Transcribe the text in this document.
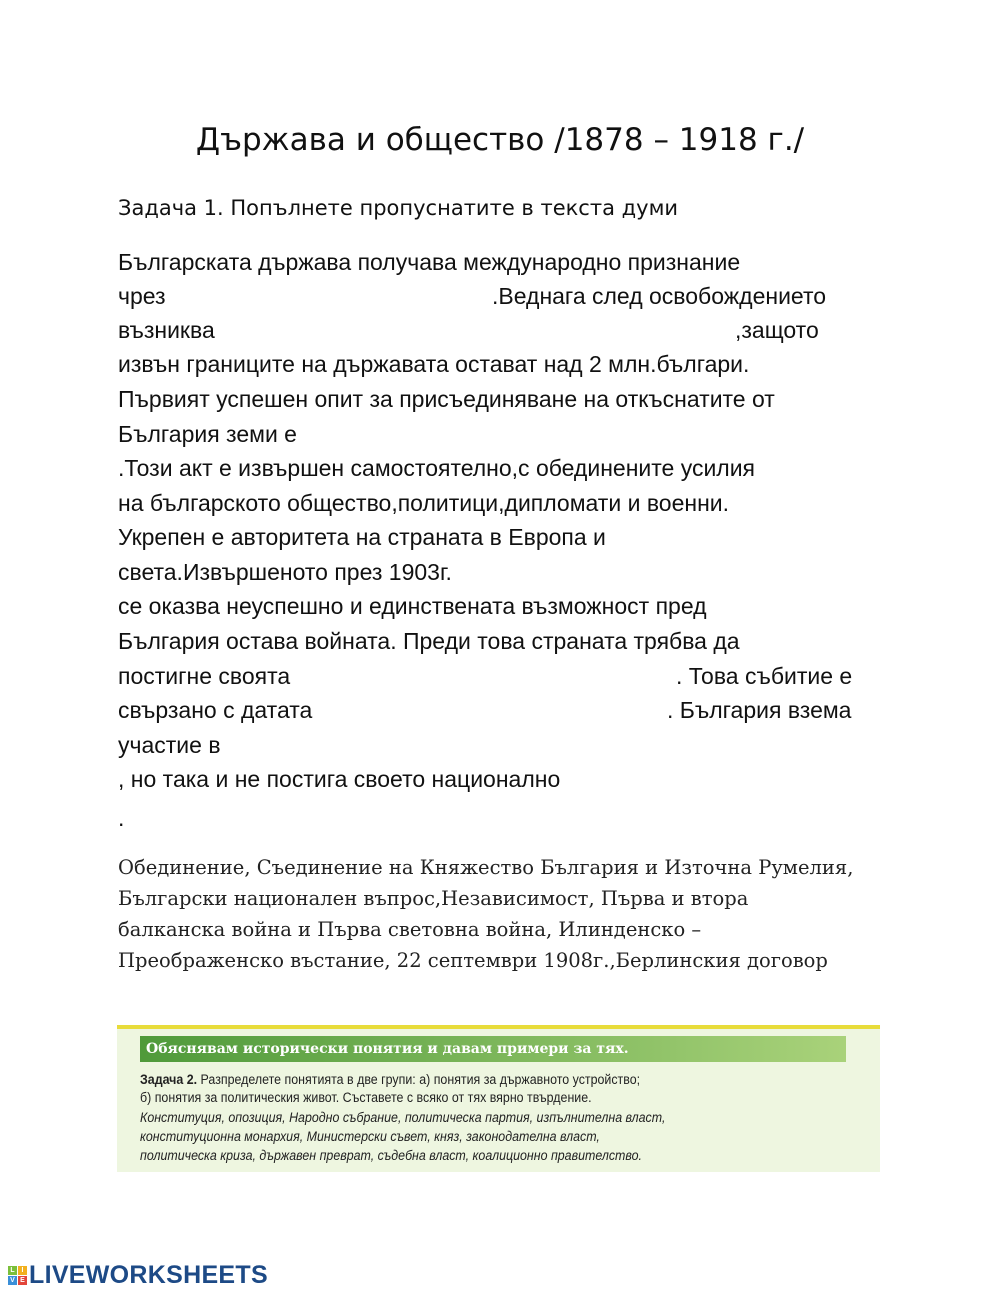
Държава и общество /1878 – 1918 г./
Задача 1. Попълнете пропуснатите в текста думи
Българската държава получава международно признание
чрез	.Веднага след освобождението
възниква	,защото
извън границите на държавата остават над 2 млн.българи.
Първият успешен опит за присъединяване на откъснатите от
България земи е
.Този акт е извършен самостоятелно,с обединените усилия
на българското общество,политици,дипломати и военни.
Укрепен е авторитета на страната в Европа и
света.Извършеното през 1903г.
се оказва неуспешно и единствената възможност пред
България остава войната. Преди това страната трябва да
постигне своята	. Това събитие е
свързано с датата	. България взема
участие в
, но така и не постига своето национално
.
Обединение, Съединение на Княжество България и Източна Румелия, Български национален въпрос,Независимост, Първа и втора балканска война и Първа световна война, Илинденско – Преображенско въстание, 22 септември 1908г.,Берлинския договор
Обяснявам исторически понятия и давам примери за тях.
Задача 2. Разпределете понятията в две групи: а) понятия за държавното устройство;
б) понятия за политическия живот. Съставете с всяко от тях вярно твърдение.
Конституция, опозиция, Народно събрание, политическа партия, изпълнителна власт,
конституционна монархия, Министерски съвет, княз, законодателна власт,
политическа криза, държавен преврат, съдебна власт, коалиционно правителство.
L I
V E LIVEWORKSHEETS
